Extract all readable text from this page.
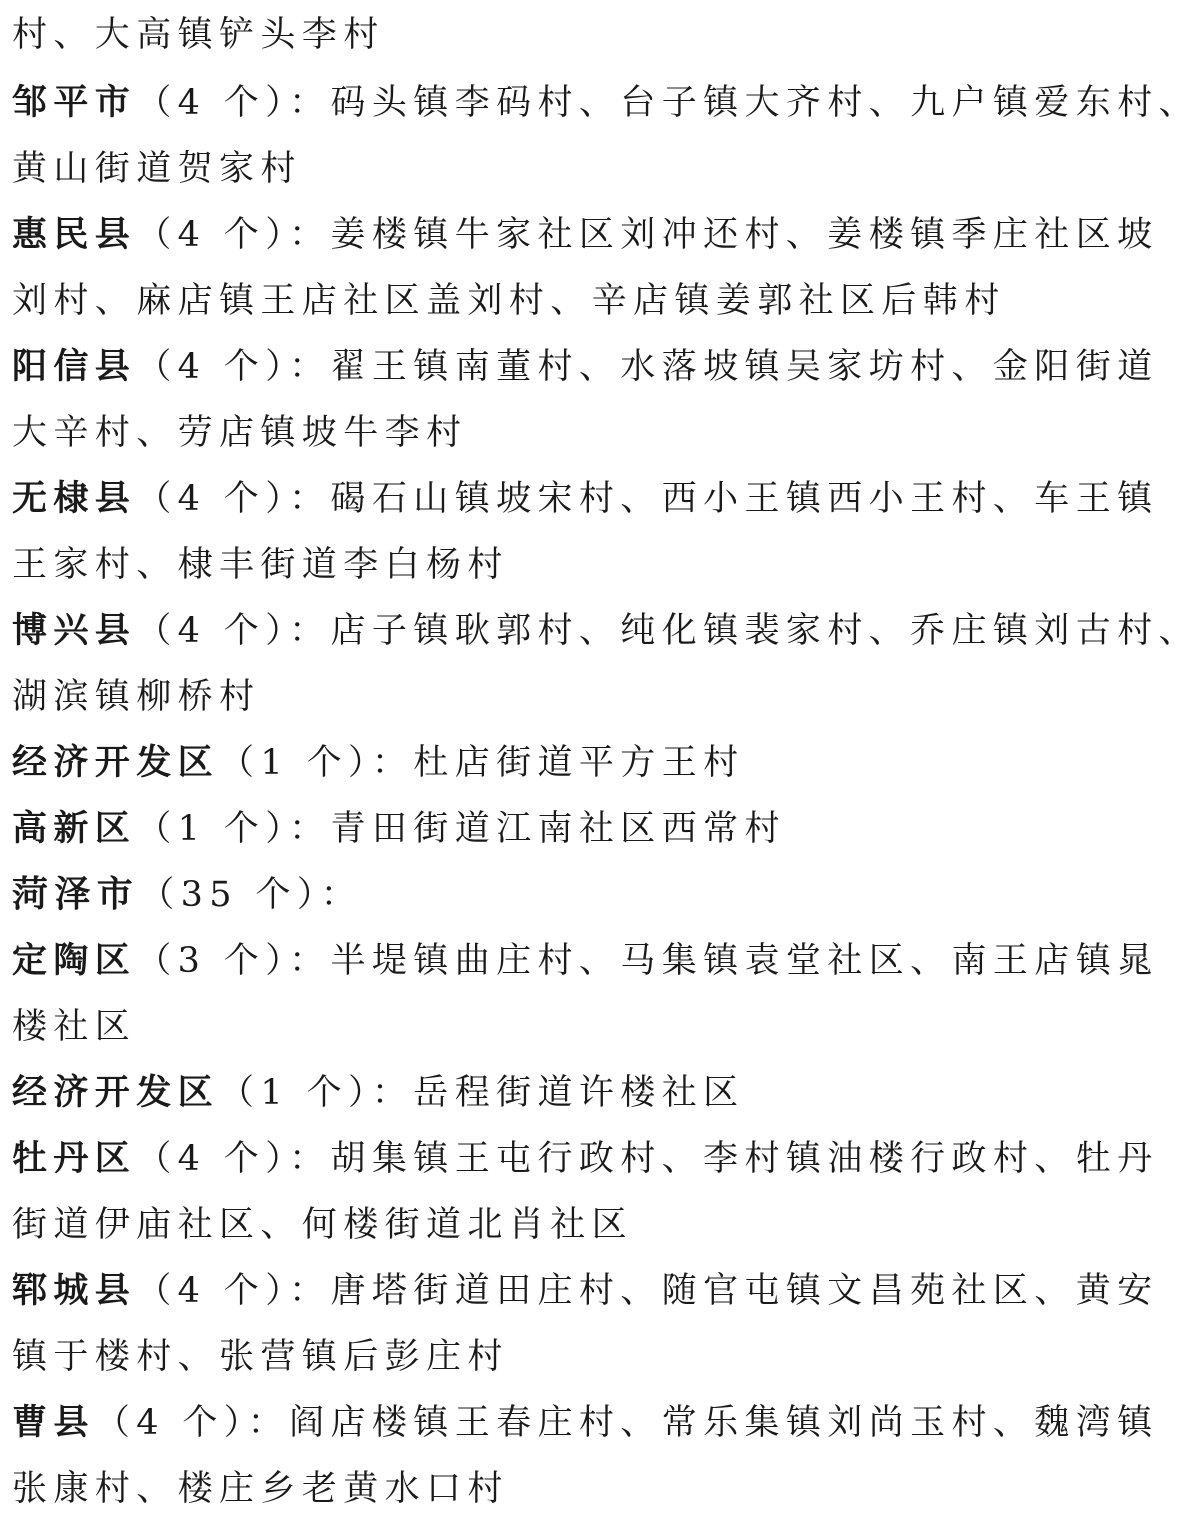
村、大高镇铲头李村
邹平市（4 个）：码头镇李码村、台子镇大齐村、九户镇爱东村、
黄山街道贺家村
惠民县（4 个）：姜楼镇牛家社区刘冲还村、姜楼镇季庄社区坡
刘村、麻店镇王店社区盖刘村、辛店镇姜郭社区后韩村
阳信县（4 个）：翟王镇南董村、水落坡镇吴家坊村、金阳街道
大辛村、劳店镇坡牛李村
无棣县（4 个）：碣石山镇坡宋村、西小王镇西小王村、车王镇
王家村、棣丰街道李白杨村
博兴县（4 个）：店子镇耿郭村、纯化镇裴家村、乔庄镇刘古村、
湖滨镇柳桥村
经济开发区（1 个）：杜店街道平方王村
高新区（1 个）：青田街道江南社区西常村
菏泽市（35 个）：
定陶区（3 个）：半堤镇曲庄村、马集镇袁堂社区、南王店镇晁
楼社区
经济开发区（1 个）：岳程街道许楼社区
牡丹区（4 个）：胡集镇王屯行政村、李村镇油楼行政村、牡丹
街道伊庙社区、何楼街道北肖社区
郓城县（4 个）：唐塔街道田庄村、随官屯镇文昌苑社区、黄安
镇于楼村、张营镇后彭庄村
曹县（4 个）：阎店楼镇王春庄村、常乐集镇刘尚玉村、魏湾镇
张康村、楼庄乡老黄水口村
